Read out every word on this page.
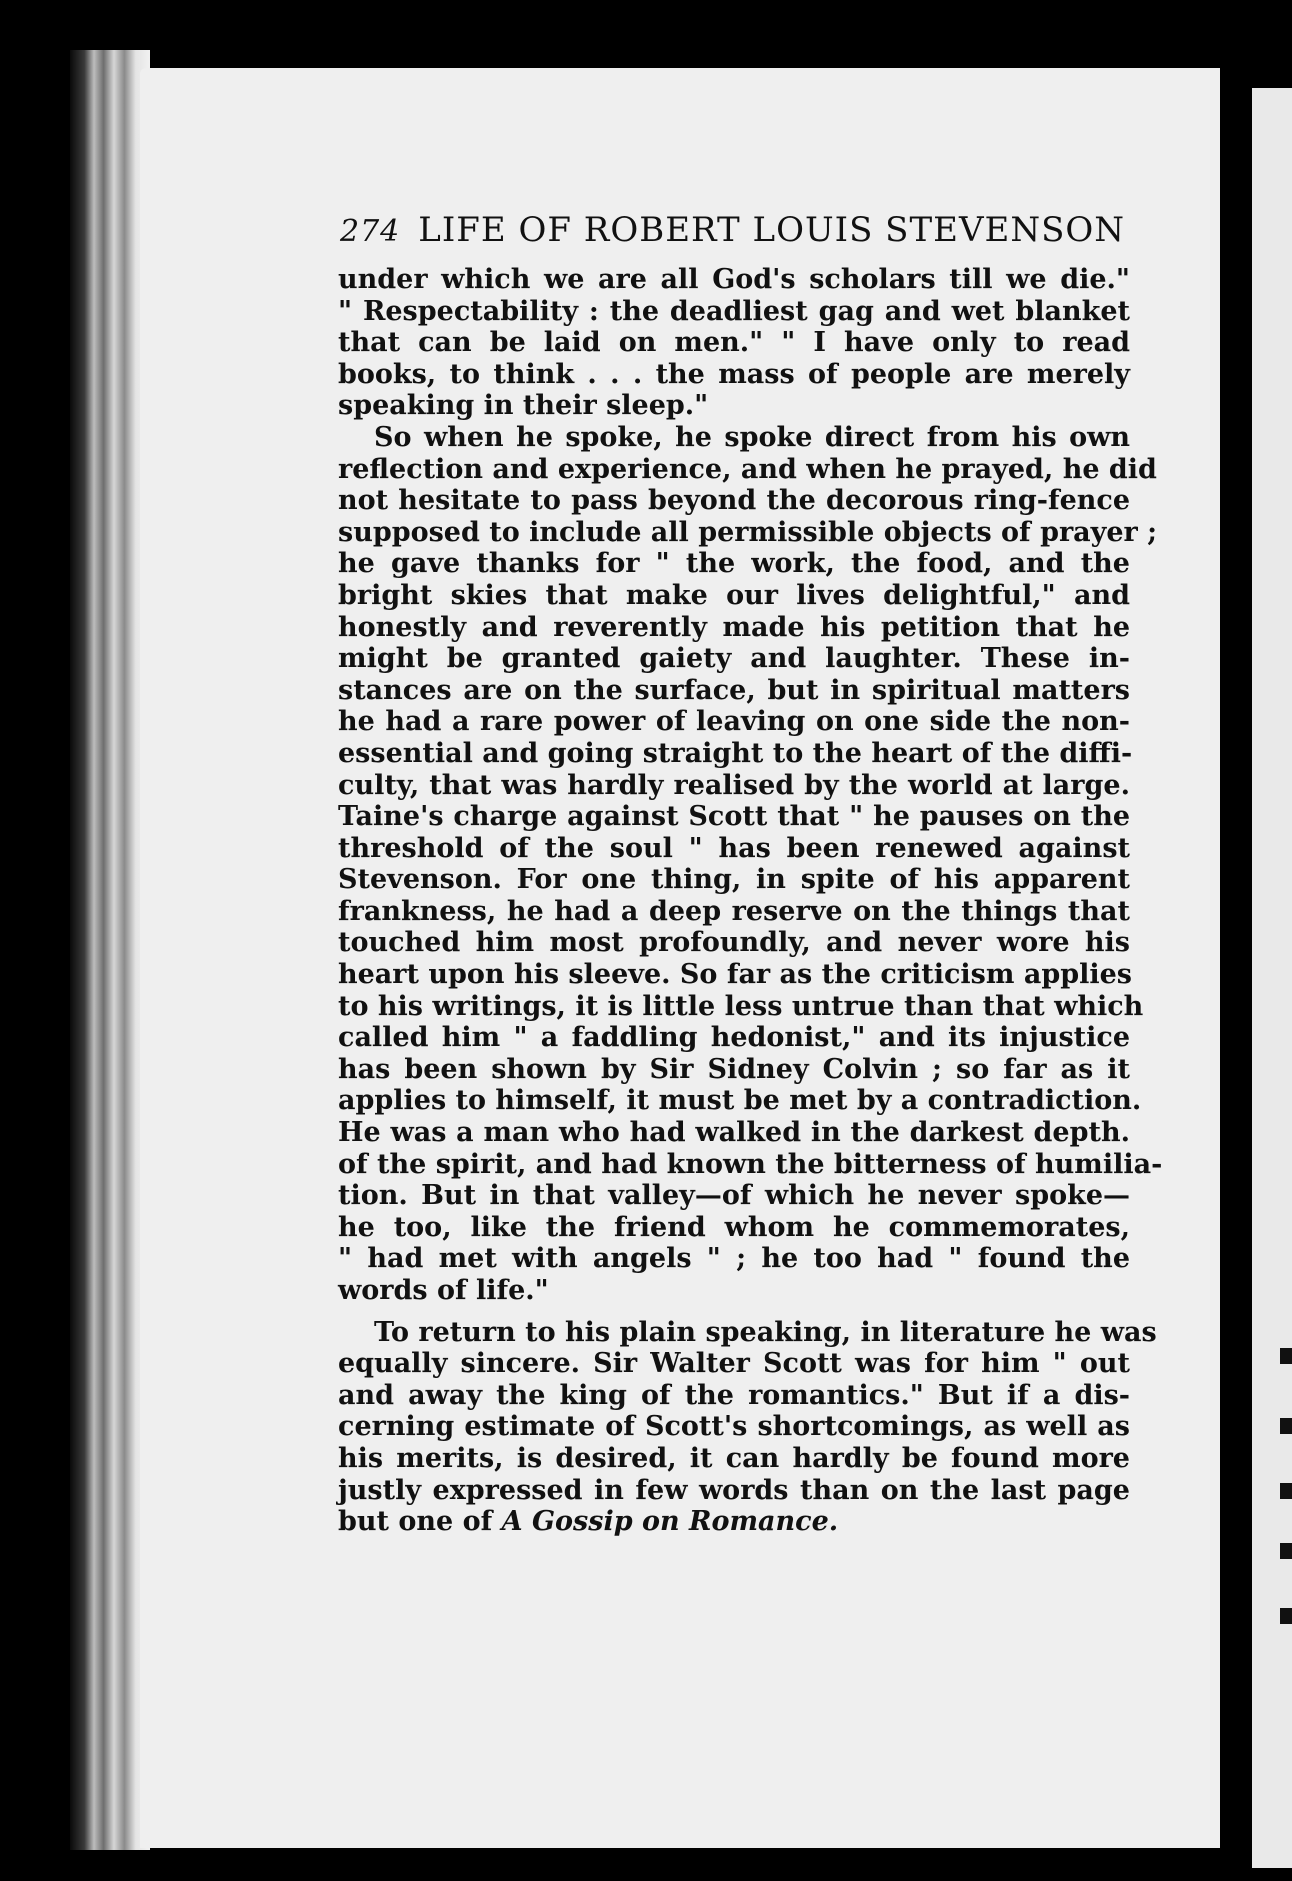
274 LIFE OF ROBERT LOUIS STEVENSON
under which we are all God's scholars till we die."
" Respectability : the deadliest gag and wet blanket
that can be laid on men." " I have only to read
books, to think . . . the mass of people are merely
speaking in their sleep."
So when he spoke, he spoke direct from his own
reflection and experience, and when he prayed, he did
not hesitate to pass beyond the decorous ring-fence
supposed to include all permissible objects of prayer ;
he gave thanks for " the work, the food, and the
bright skies that make our lives delightful," and
honestly and reverently made his petition that he
might be granted gaiety and laughter. These in-
stances are on the surface, but in spiritual matters
he had a rare power of leaving on one side the non-
essential and going straight to the heart of the diffi-
culty, that was hardly realised by the world at large.
Taine's charge against Scott that " he pauses on the
threshold of the soul " has been renewed against
Stevenson. For one thing, in spite of his apparent
frankness, he had a deep reserve on the things that
touched him most profoundly, and never wore his
heart upon his sleeve. So far as the criticism applies
to his writings, it is little less untrue than that which
called him " a faddling hedonist," and its injustice
has been shown by Sir Sidney Colvin ; so far as it
applies to himself, it must be met by a contradiction.
He was a man who had walked in the darkest depth.
of the spirit, and had known the bitterness of humilia-
tion. But in that valley—of which he never spoke—
he too, like the friend whom he commemorates,
" had met with angels " ; he too had " found the
words of life."
To return to his plain speaking, in literature he was
equally sincere. Sir Walter Scott was for him " out
and away the king of the romantics." But if a dis-
cerning estimate of Scott's shortcomings, as well as
his merits, is desired, it can hardly be found more
justly expressed in few words than on the last page
but one of A Gossip on Romance.
